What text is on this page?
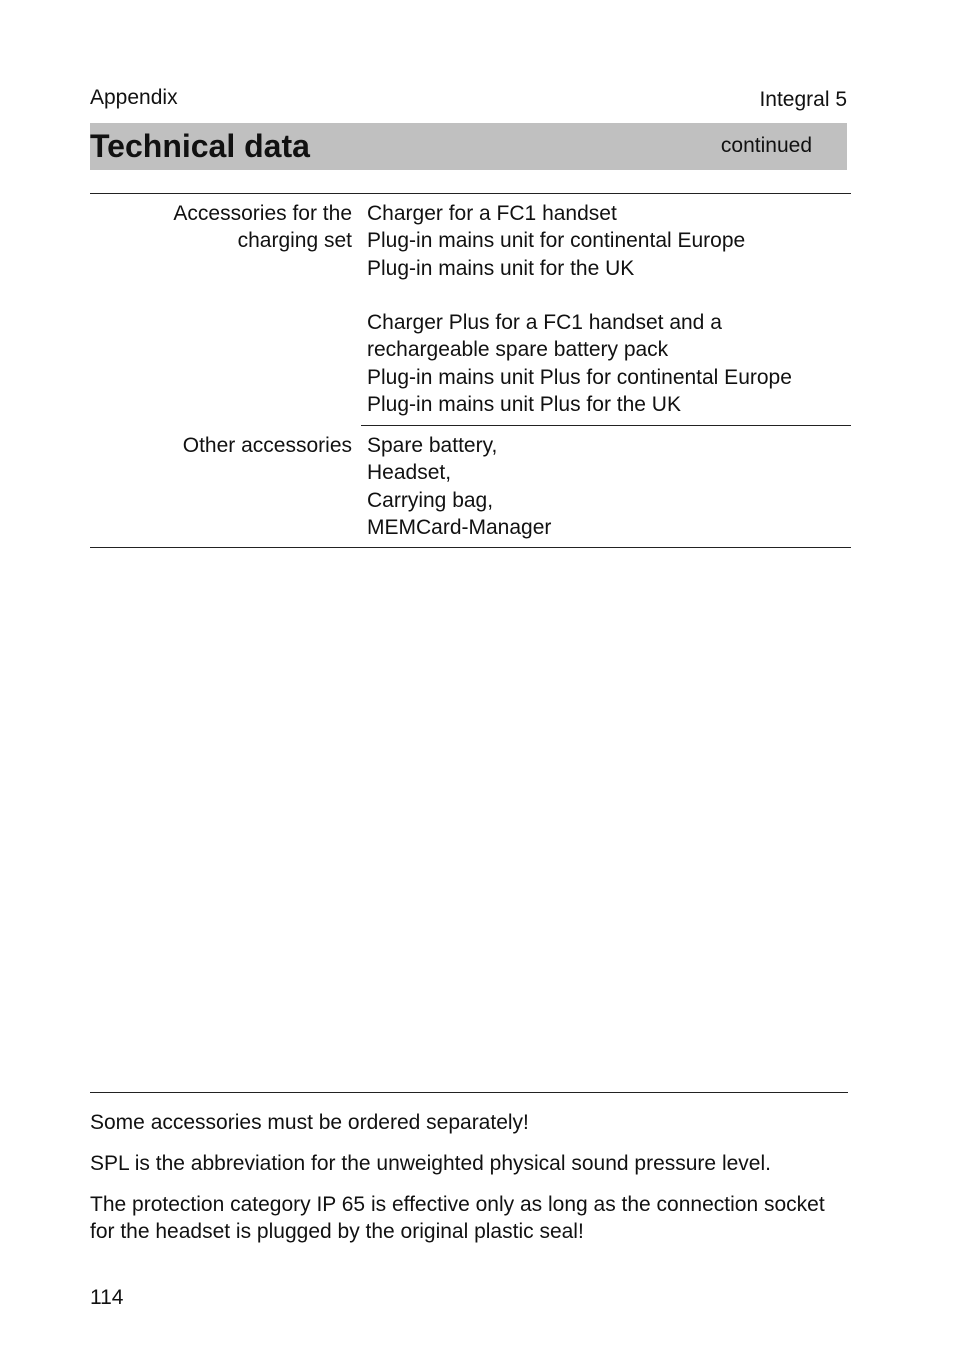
Appendix	Integral 5
Technical data	continued
Accessories for the
charging set
Charger for a FC1 handset
Plug-in mains unit for continental Europe
Plug-in mains unit for the UK
Charger Plus for a FC1 handset and a
rechargeable spare battery pack
Plug-in mains unit Plus for continental Europe
Plug-in mains unit Plus for the UK
Other accessories Spare battery,
Headset,
Carrying bag,
MEMCard-Manager

Some accessories must be ordered separately!

SPL is the abbreviation for the unweighted physical sound pressure level.

The protection category IP 65 is effective only as long as the connection socket for the headset is plugged by the original plastic seal!

114
